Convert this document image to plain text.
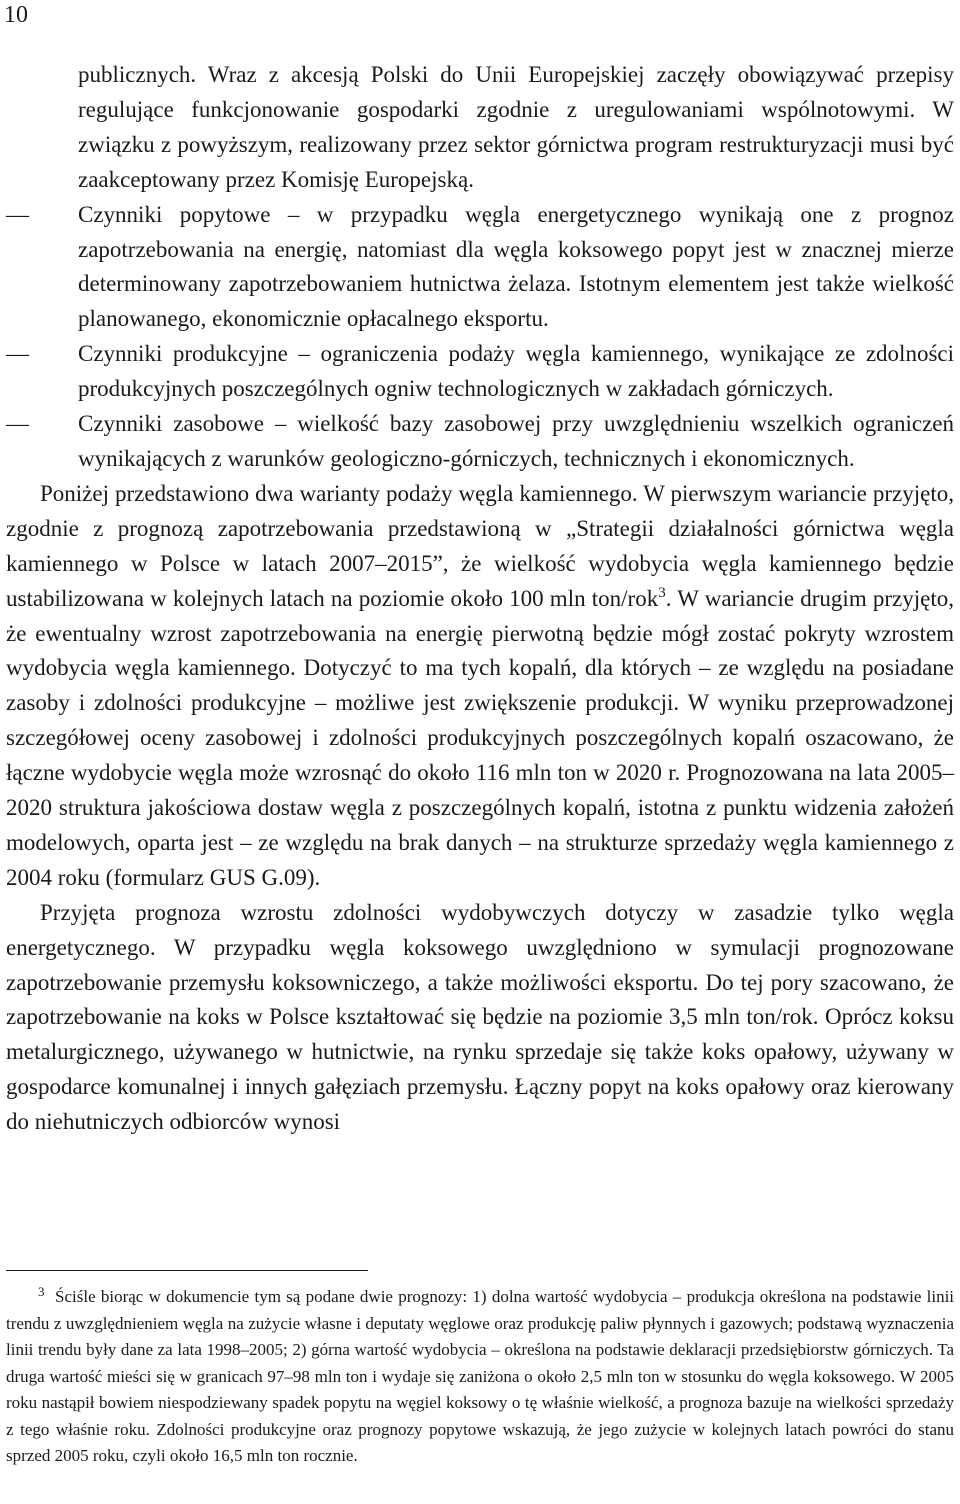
10

publicznych. Wraz z akcesją Polski do Unii Europejskiej zaczęły obowiązywać przepisy regulujące funkcjonowanie gospodarki zgodnie z uregulowaniami wspólnotowymi. W związku z powyższym, realizowany przez sektor górnictwa program restrukturyzacji musi być zaakceptowany przez Komisję Europejską.

— Czynniki popytowe – w przypadku węgla energetycznego wynikają one z prognoz zapotrzebowania na energię, natomiast dla węgla koksowego popyt jest w znacznej mierze determinowany zapotrzebowaniem hutnictwa żelaza. Istotnym elementem jest także wielkość planowanego, ekonomicznie opłacalnego eksportu.

— Czynniki produkcyjne – ograniczenia podaży węgla kamiennego, wynikające ze zdolności produkcyjnych poszczególnych ogniw technologicznych w zakładach górniczych.

— Czynniki zasobowe – wielkość bazy zasobowej przy uwzględnieniu wszelkich ograniczeń wynikających z warunków geologiczno-górniczych, technicznych i ekonomicznych.

Poniżej przedstawiono dwa warianty podaży węgla kamiennego. W pierwszym wariancie przyjęto, zgodnie z prognozą zapotrzebowania przedstawioną w „Strategii działalności górnictwa węgla kamiennego w Polsce w latach 2007–2015”, że wielkość wydobycia węgla kamiennego będzie ustabilizowana w kolejnych latach na poziomie około 100 mln ton/rok$^3$. W wariancie drugim przyjęto, że ewentualny wzrost zapotrzebowania na energię pierwotną będzie mógł zostać pokryty wzrostem wydobycia węgla kamiennego. Dotyczyć to ma tych kopalń, dla których – ze względu na posiadane zasoby i zdolności produkcyjne – możliwe jest zwiększenie produkcji. W wyniku przeprowadzonej szczegółowej oceny zasobowej i zdolności produkcyjnych poszczególnych kopalń oszacowano, że łączne wydobycie węgla może wzrosnąć do około 116 mln ton w 2020 r. Prognozowana na lata 2005–2020 struktura jakościowa dostaw węgla z poszczególnych kopalń, istotna z punktu widzenia założeń modelowych, oparta jest – ze względu na brak danych – na strukturze sprzedaży węgla kamiennego z 2004 roku (formularz GUS G.09).

Przyjęta prognoza wzrostu zdolności wydobywczych dotyczy w zasadzie tylko węgla energetycznego. W przypadku węgla koksowego uwzględniono w symulacji prognozowane zapotrzebowanie przemysłu koksowniczego, a także możliwości eksportu. Do tej pory szacowano, że zapotrzebowanie na koks w Polsce kształtować się będzie na poziomie 3,5 mln ton/rok. Oprócz koksu metalurgicznego, używanego w hutnictwie, na rynku sprzedaje się także koks opałowy, używany w gospodarce komunalnej i innych gałęziach przemysłu. Łączny popyt na koks opałowy oraz kierowany do niehutniczych odbiorców wynosi

$^3$ Ściśle biorąc w dokumencie tym są podane dwie prognozy: 1) dolna wartość wydobycia – produkcja określona na podstawie linii trendu z uwzględnieniem węgla na zużycie własne i deputaty węglowe oraz produkcję paliw płynnych i gazowych; podstawą wyznaczenia linii trendu były dane za lata 1998–2005; 2) górna wartość wydobycia – określona na podstawie deklaracji przedsiębiorstw górniczych. Ta druga wartość mieści się w granicach 97–98 mln ton i wydaje się zaniżona o około 2,5 mln ton w stosunku do węgla koksowego. W 2005 roku nastąpił bowiem niespodziewany spadek popytu na węgiel koksowy o tę właśnie wielkość, a prognoza bazuje na wielkości sprzedaży z tego właśnie roku. Zdolności produkcyjne oraz prognozy popytowe wskazują, że jego zużycie w kolejnych latach powróci do stanu sprzed 2005 roku, czyli około 16,5 mln ton rocznie.
